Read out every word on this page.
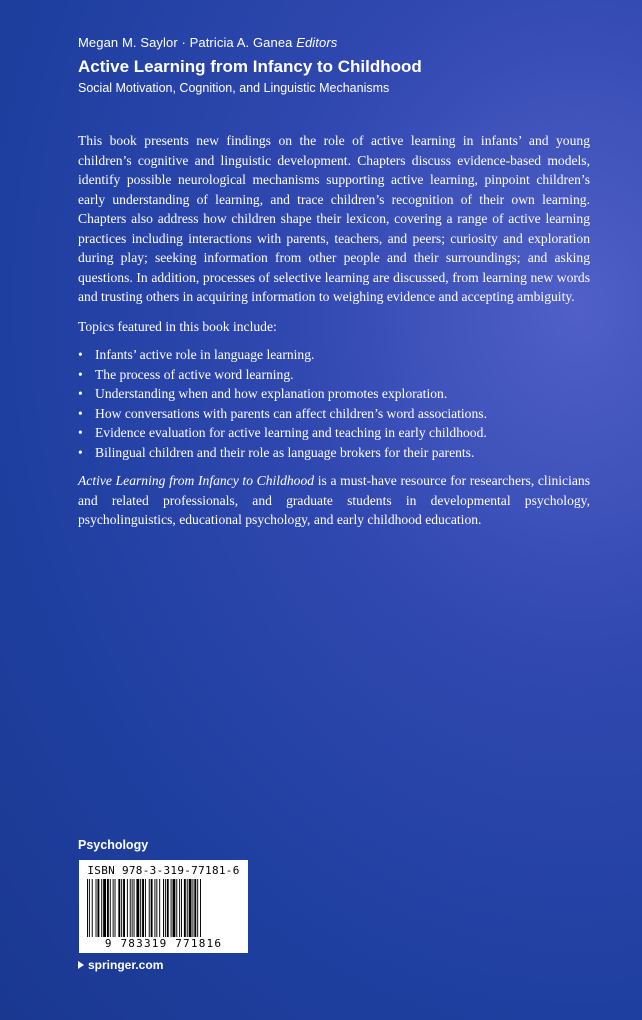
Megan M. Saylor · Patricia A. Ganea Editors
Active Learning from Infancy to Childhood
Social Motivation, Cognition, and Linguistic Mechanisms

This book presents new findings on the role of active learning in infants’ and young children’s cognitive and linguistic development. Chapters discuss evidence-based models, identify possible neurological mechanisms supporting active learning, pinpoint children’s early understanding of learning, and trace children’s recognition of their own learning. Chapters also address how children shape their lexicon, covering a range of active learning practices including interactions with parents, teachers, and peers; curiosity and exploration during play; seeking information from other people and their surroundings; and asking questions. In addition, processes of selective learning are discussed, from learning new words and trusting others in acquiring information to weighing evidence and accepting ambiguity.

Topics featured in this book include:

• Infants’ active role in language learning.
• The process of active word learning.
• Understanding when and how explanation promotes exploration.
• How conversations with parents can affect children’s word associations.
• Evidence evaluation for active learning and teaching in early childhood.
• Bilingual children and their role as language brokers for their parents.

Active Learning from Infancy to Childhood is a must-have resource for researchers, clinicians and related professionals, and graduate students in developmental psychology, psycholinguistics, educational psychology, and early childhood education.

Psychology
ISBN 978-3-319-77181-6
9 783319 771816
springer.com
